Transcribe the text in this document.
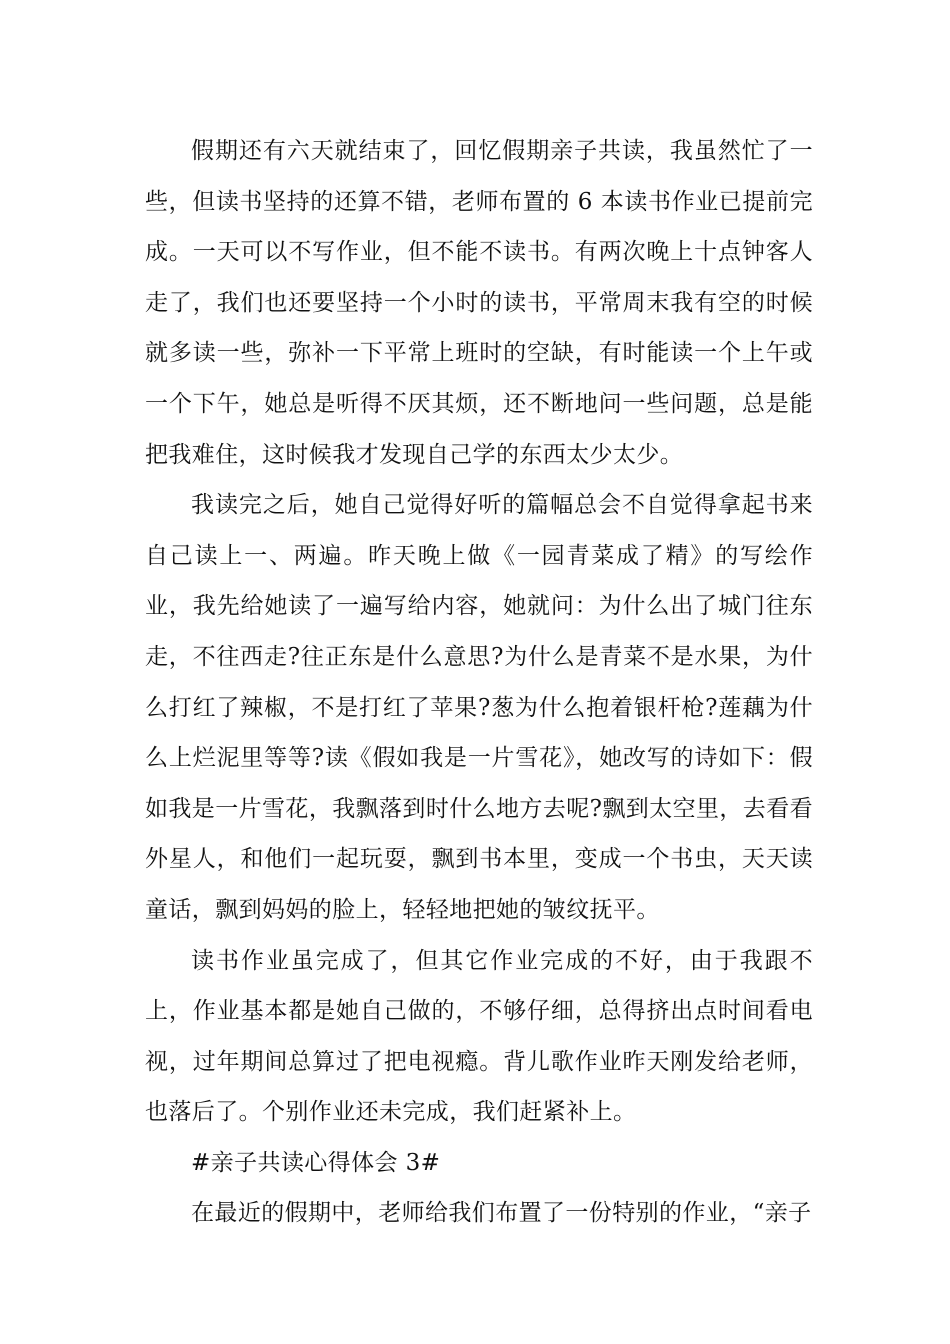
假期还有六天就结束了，回忆假期亲子共读，我虽然忙了一些，但读书坚持的还算不错，老师布置的 6 本读书作业已提前完成。一天可以不写作业，但不能不读书。有两次晚上十点钟客人走了，我们也还要坚持一个小时的读书，平常周末我有空的时候就多读一些，弥补一下平常上班时的空缺，有时能读一个上午或一个下午，她总是听得不厌其烦，还不断地问一些问题，总是能把我难住，这时候我才发现自己学的东西太少太少。

我读完之后，她自己觉得好听的篇幅总会不自觉得拿起书来自己读上一、两遍。昨天晚上做《一园青菜成了精》的写绘作业，我先给她读了一遍写给内容，她就问：为什么出了城门往东走，不往西走?往正东是什么意思?为什么是青菜不是水果，为什么打红了辣椒，不是打红了苹果?葱为什么抱着银杆枪?莲藕为什么上烂泥里等等?读《假如我是一片雪花》，她改写的诗如下：假如我是一片雪花，我飘落到时什么地方去呢?飘到太空里，去看看外星人，和他们一起玩耍，飘到书本里，变成一个书虫，天天读童话，飘到妈妈的脸上，轻轻地把她的皱纹抚平。

读书作业虽完成了，但其它作业完成的不好，由于我跟不上，作业基本都是她自己做的，不够仔细，总得挤出点时间看电视，过年期间总算过了把电视瘾。背儿歌作业昨天刚发给老师，也落后了。个别作业还未完成，我们赶紧补上。

#亲子共读心得体会 3#

在最近的假期中，老师给我们布置了一份特别的作业，“亲子
